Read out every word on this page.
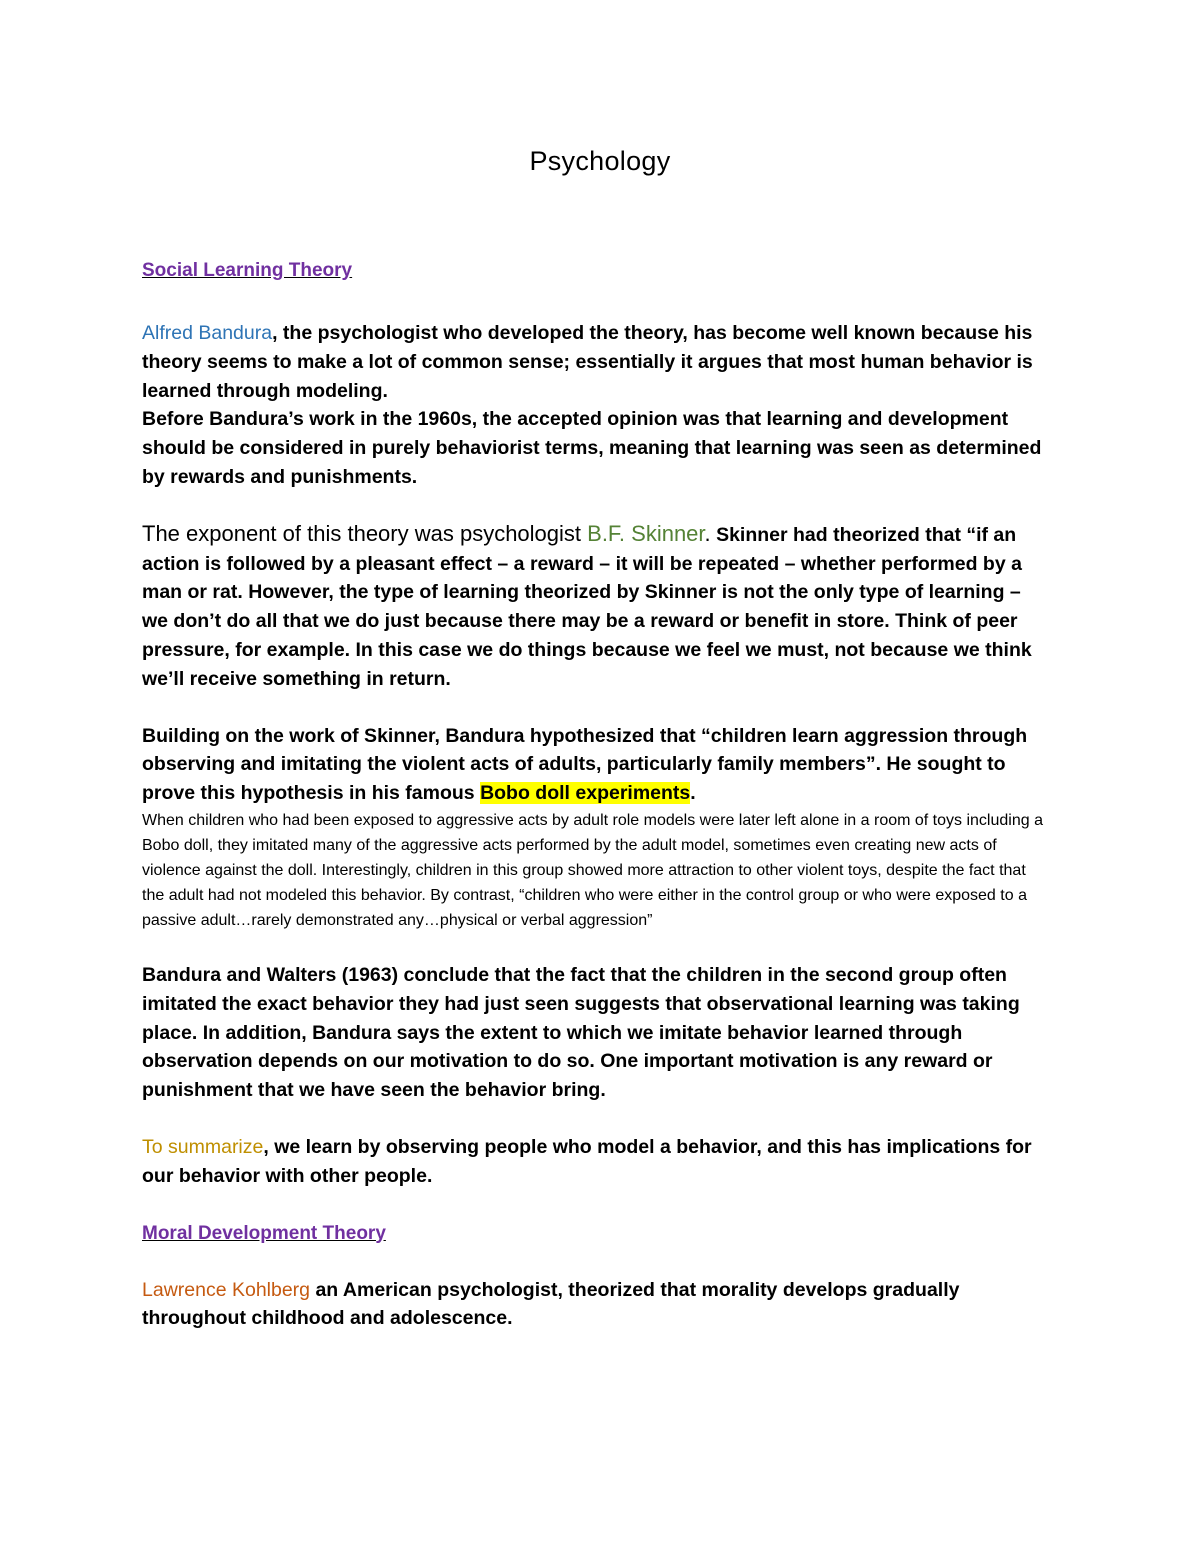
Psychology
Social Learning Theory

Alfred Bandura, the psychologist who developed the theory, has become well known because his theory seems to make a lot of common sense; essentially it argues that most human behavior is learned through modeling.

Before Bandura’s work in the 1960s, the accepted opinion was that learning and development should be considered in purely behaviorist terms, meaning that learning was seen as determined by rewards and punishments.

The exponent of this theory was psychologist B.F. Skinner. Skinner had theorized that “if an action is followed by a pleasant effect – a reward – it will be repeated – whether performed by a man or rat. However, the type of learning theorized by Skinner is not the only type of learning – we don’t do all that we do just because there may be a reward or benefit in store. Think of peer pressure, for example. In this case we do things because we feel we must, not because we think we’ll receive something in return.

Building on the work of Skinner, Bandura hypothesized that “children learn aggression through observing and imitating the violent acts of adults, particularly family members”. He sought to prove this hypothesis in his famous Bobo doll experiments.

When children who had been exposed to aggressive acts by adult role models were later left alone in a room of toys including a Bobo doll, they imitated many of the aggressive acts performed by the adult model, sometimes even creating new acts of violence against the doll. Interestingly, children in this group showed more attraction to other violent toys, despite the fact that the adult had not modeled this behavior. By contrast, “children who were either in the control group or who were exposed to a passive adult…rarely demonstrated any…physical or verbal aggression”

Bandura and Walters (1963) conclude that the fact that the children in the second group often imitated the exact behavior they had just seen suggests that observational learning was taking place. In addition, Bandura says the extent to which we imitate behavior learned through observation depends on our motivation to do so. One important motivation is any reward or punishment that we have seen the behavior bring.

To summarize, we learn by observing people who model a behavior, and this has implications for our behavior with other people.

Moral Development Theory

Lawrence Kohlberg an American psychologist, theorized that morality develops gradually throughout childhood and adolescence.
